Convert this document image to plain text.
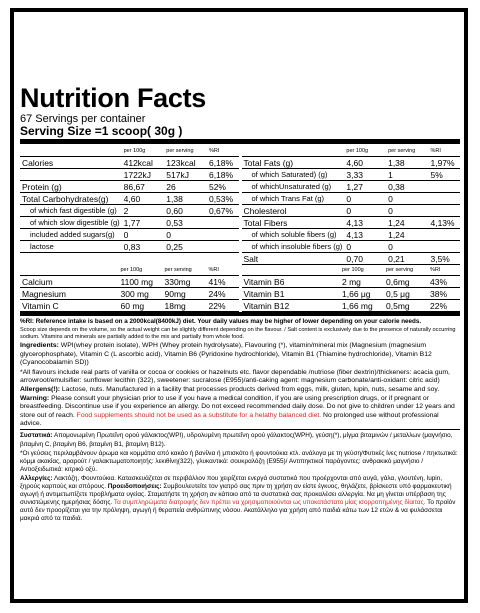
Nutrition Facts
67 Servings per container
Serving Size =1 scoop( 30g )
	per 100g	per serving	%RI
Calories	412kcal	123kcal	6,18%
	1722kJ	517kJ	6,18%
Protein (g)	86,67	26	52%
Total Carbohydrates(g)	4,60	1,38	0,53%
of which fast digestible (g)	2	0,60	0,67%
of which slow digestible (g)	1,77	0,53	
included added sugars(g)	0	0	
lactose	0,83	0,25	
	per 100g	per serving	%RI
Total Fats (g)	4,60	1,38	1,97%
of which Saturated) (g)	3,33	1	5%
of whichUnsaturated (g)	1,27	0,38	
of which Trans Fat (g)	0	0	
Cholesterol	0	0	
Total Fibers	4,13	1,24	4,13%
of which soluble fibers (g)	4,13	1,24	
of which insoluble fibers (g)	0	0	
Salt	0,70	0,21	3,5%
	per 100g	per serving	%RI
Calcium	1100 mg	330mg	41%
Magnesium	300 mg	90mg	24%
Vitamin C	60 mg	18mg	22%
	per 100g	per serving	%RI
Vitamin B6	2 mg	0,6mg	43%
Vitamin B1	1,66 μg	0,5 μg	38%
Vitamin B12	1,66 mg	0,5mg	22%

%RI: Reference intake is based on a 2000kcal(8400kJ) diet. Your daily values may be higher of lower depending on your calorie needs.

Scoop size depends on the volume, so the actual weight can be slightly different depending on the flavour. / Salt content is exclusively due to the presence of naturally occurring sodium. Vitamins and minerals are partially added to the mix and partially from whole food.

Ingredients: WPI(whey protein isolate), WPH (Whey protein hydrolysate), Flavouring (*), vitamin/mineral mix (Magnesium (magnesium glycerophosphate), Vitamin C (L ascorbic acid), Vitamin B6 (Pyridoxine hydrochloride), Vitamin B1 (Thiamine hydrochloride), Vitamin B12 (Cyanocobalamin SD))

*All flavours include real parts of vanilla or cocoa or cookies or hazelnuts etc. flavor dependable /nutriose (fiber dextrin)/thickeners: acacia gum, arrowroot/emulsifier: sunflower lecithin (322), sweetener: sucralose (E955)/anti-caking agent: magnesium carbonate/anti-oxidant: citric acid)

Allergens(!): Lactose, nuts. Manufactured in a facility that processes products derived from eggs, milk, gluten, lupin, nuts, sesame and soy. Warning: Please consult your physician prior to use if you have a medical condition, if you are using prescription drugs, or if pregnant or breastfeeding. Discontinue use if you experience an allergy. Do not exceed recommended daily dose. Do not give to children under 12 years and store out of reach. Food supplements should not be used as a substitute for a helathy balanced diet. No prolonged use without professional advice.

Συστατικά: Απομονωμένη Πρωτεΐνη ορού γάλακτος(WPI), υδρολυμένη πρωτεΐνη ορού γάλακτος(WPH), γεύση(*), μίγμα βιταμινών / μεταλλων (μαγνήσιο, βιταμίνη C, βιταμίνη B6, βιταμίνη B1, βιταμίνη B12).

*Οι γεύσεις περιλαμβάνουν άρωμα και κομμάτια από κακάο ή βανίλια ή μπισκότο ή φουντούκια κτλ. ανάλογα με τη γεύση/Φυτικές ίνες nutriose / πηκτωτικά: κόμμι ακακίας, αραρούτ / γαλακτωματοποιητής: λεκιθίνη(322), γλυκαντικά: σουκραλόζη (E955)/ Αντιπηκτικοί παράγοντες: ανθρακικό μαγνήσιο / Αντιοξειδωτικά: κιτρικό οξύ.

Αλλεργίες: Λακτόζη, Φουντούκια. Κατασκευάζεται σε περιβάλλον που χειρίζεται ενεργά συστατικά που προέρχονται από αυγά, γάλα, γλουτένη, lupin, ξηρούς καρπούς και σπόρους. Προειδοποιήσεις: Συμβουλευτείτε τον γιατρό σας πριν τη χρήση αν είστε έγκυος, θηλάζετε, βρίσκεστε υπό φαρμακευτική αγωγή ή αντιμετωπίζετε προβλήματα υγείας. Σταματήστε τη χρήση αν κάποιο από τα συστατικά σας προκαλέσει αλλεργία. Να μη γίνεται υπέρβαση της συνιστώμενης ημερήσιας δόσης. Τα συμπληρώματα διατροφής δεν πρέπει να χρησιμοποιούνται ως υποκατάστατο μίας ισορροπημένης δίαιτας. Το προϊόν αυτό δεν προορίζεται για την πρόληψη, αγωγή ή θεραπεία ανθρώπινης νόσου. Ακατάλληλο για χρήση από παιδιά κάτω των 12 ετών & να φυλάσσεται μακριά από τα παιδιά.
